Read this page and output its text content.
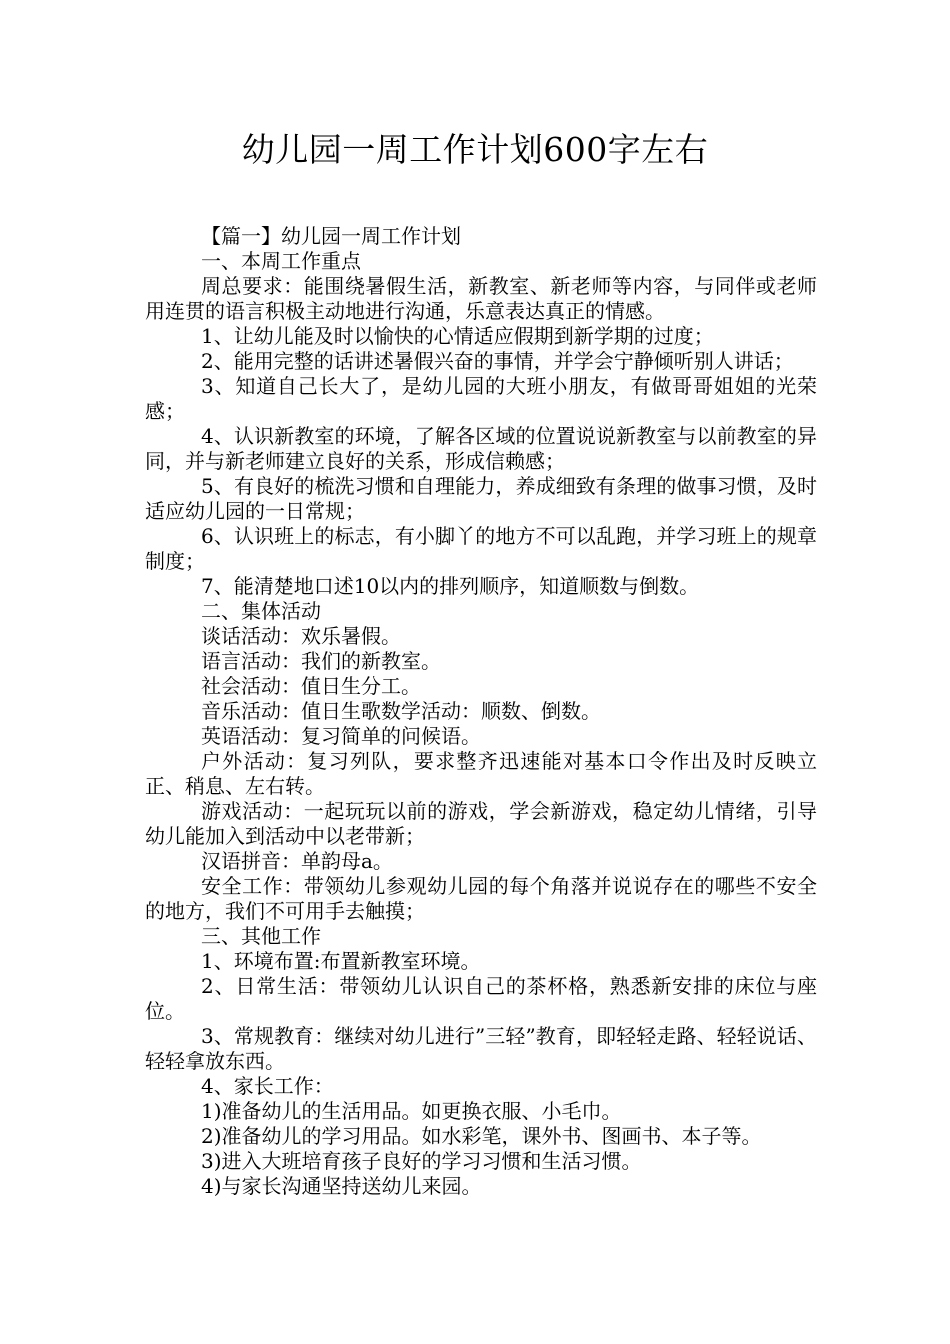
幼儿园一周工作计划600字左右

【篇一】幼儿园一周工作计划

一、本周工作重点

周总要求：能围绕暑假生活，新教室、新老师等内容，与同伴或老师用连贯的语言积极主动地进行沟通，乐意表达真正的情感。

1、让幼儿能及时以愉快的心情适应假期到新学期的过度；

2、能用完整的话讲述暑假兴奋的事情，并学会宁静倾听别人讲话；

3、知道自己长大了，是幼儿园的大班小朋友，有做哥哥姐姐的光荣感；

4、认识新教室的环境，了解各区域的位置说说新教室与以前教室的异同，并与新老师建立良好的关系，形成信赖感；

5、有良好的梳洗习惯和自理能力，养成细致有条理的做事习惯，及时适应幼儿园的一日常规；

6、认识班上的标志，有小脚丫的地方不可以乱跑，并学习班上的规章制度；

7、能清楚地口述10以内的排列顺序，知道顺数与倒数。

二、集体活动

谈话活动：欢乐暑假。

语言活动：我们的新教室。

社会活动：值日生分工。

音乐活动：值日生歌数学活动：顺数、倒数。

英语活动：复习简单的问候语。

户外活动：复习列队，要求整齐迅速能对基本口令作出及时反映立正、稍息、左右转。

游戏活动：一起玩玩以前的游戏，学会新游戏，稳定幼儿情绪，引导幼儿能加入到活动中以老带新；

汉语拼音：单韵母a。

安全工作：带领幼儿参观幼儿园的每个角落并说说存在的哪些不安全的地方，我们不可用手去触摸；

三、其他工作

1、环境布置:布置新教室环境。

2、日常生活：带领幼儿认识自己的茶杯格，熟悉新安排的床位与座位。

3、常规教育：继续对幼儿进行”三轻”教育，即轻轻走路、轻轻说话、轻轻拿放东西。

4、家长工作：

1)准备幼儿的生活用品。如更换衣服、小毛巾。

2)准备幼儿的学习用品。如水彩笔，课外书、图画书、本子等。

3)进入大班培育孩子良好的学习习惯和生活习惯。

4)与家长沟通坚持送幼儿来园。
